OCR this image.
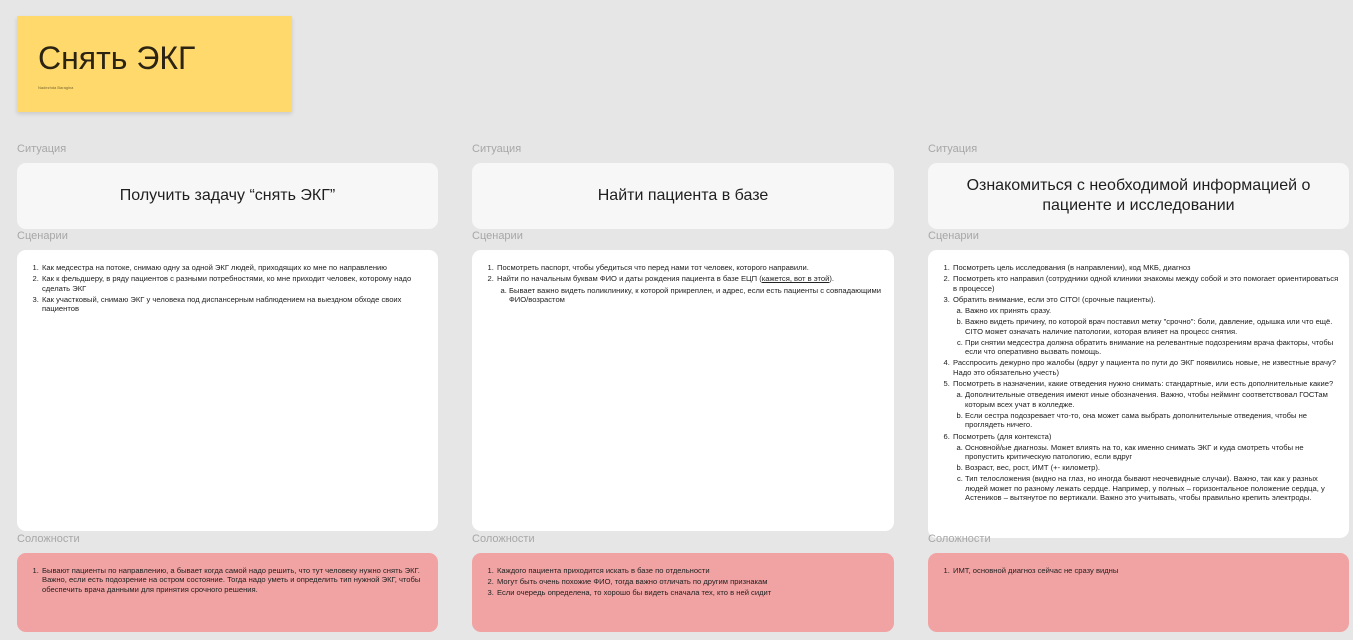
Снять ЭКГ
Nadezhda Baragina
Ситуация
Получить задачу “снять ЭКГ”
Сценарии
1. Как медсестра на потоке, снимаю одну за одной ЭКГ людей, приходящих ко мне по направлению
2. Как к фельдшеру, в ряду пациентов с разными потребностями, ко мне приходит человек, которому надо сделать ЭКГ
3. Как участковый, снимаю ЭКГ у человека под диспансерным наблюдением на выездном обходе своих пациентов
Соложности
1. Бывают пациенты по направлению, а бывает когда самой надо решить, что тут человеку нужно снять ЭКГ.
Важно, если есть подозрение на остром состояние. Тогда надо уметь и определить тип нужной ЭКГ, чтобы обеспечить врача данными для принятия срочного решения.
Ситуация
Найти пациента в базе
Сценарии
1. Посмотреть паспорт, чтобы убедиться что перед нами тот человек, которого направили.
2. Найти по начальным буквам ФИО и даты рождения пациента в базе ЕЦП (кажется, вот в этой).
a. Бывает важно видеть поликлинику, к которой прикреплен, и адрес, если есть пациенты с совпадающими ФИО/возрастом
Соложности
1. Каждого пациента приходится искать в базе по отдельности
2. Могут быть очень похожие ФИО, тогда важно отличать по другим признакам
3. Если очередь определена, то хорошо бы видеть сначала тех, кто в ней сидит
Ситуация
Ознакомиться с необходимой информацией о пациенте и исследовании
Сценарии
1. Посмотреть цель исследования (в направлении), код МКБ, диагноз
2. Посмотреть кто направил (сотрудники одной клиники знакомы между собой и это помогает ориентироваться в процессе)
3. Обратить внимание, если это CITO! (срочные пациенты).
a. Важно их принять сразу.
b. Важно видеть причину, по которой врач поставил метку "срочно": боли, давление, одышка или что ещё. CITO может означать наличие патологии, которая влияет на процесс снятия.
c. При снятии медсестра должна обратить внимание на релевантные подозрениям врача факторы, чтобы если что оперативно вызвать помощь.
4. Расспросить дежурно про жалобы (вдруг у пациента по пути до ЭКГ появились новые, не известные врачу? Надо это обязательно учесть)
5. Посмотреть в назначении, какие отведения нужно снимать: стандартные, или есть дополнительные какие?
a. Дополнительные отведения имеют иные обозначения. Важно, чтобы нейминг соответствовал ГОСТам которым всех учат в колледже.
b. Если сестра подозревает что-то, она может сама выбрать дополнительные отведения, чтобы не проглядеть ничего.
6. Посмотреть (для контекста)
a. Основной/ые диагнозы. Может влиять на то, как именно снимать ЭКГ и куда смотреть чтобы не пропустить критическую патологию, если вдруг
b. Возраст, вес, рост, ИМТ (+- километр).
c. Тип телосложения (видно на глаз, но иногда бывают неочевидные случаи). Важно, так как у разных людей может по разному лежать сердце. Например, у полных – горизонтальное положение сердца, у Астеников – вытянутое по вертикали. Важно это учитывать, чтобы правильно крепить электроды.
Соложности
1. ИМТ, основной диагноз сейчас не сразу видны
